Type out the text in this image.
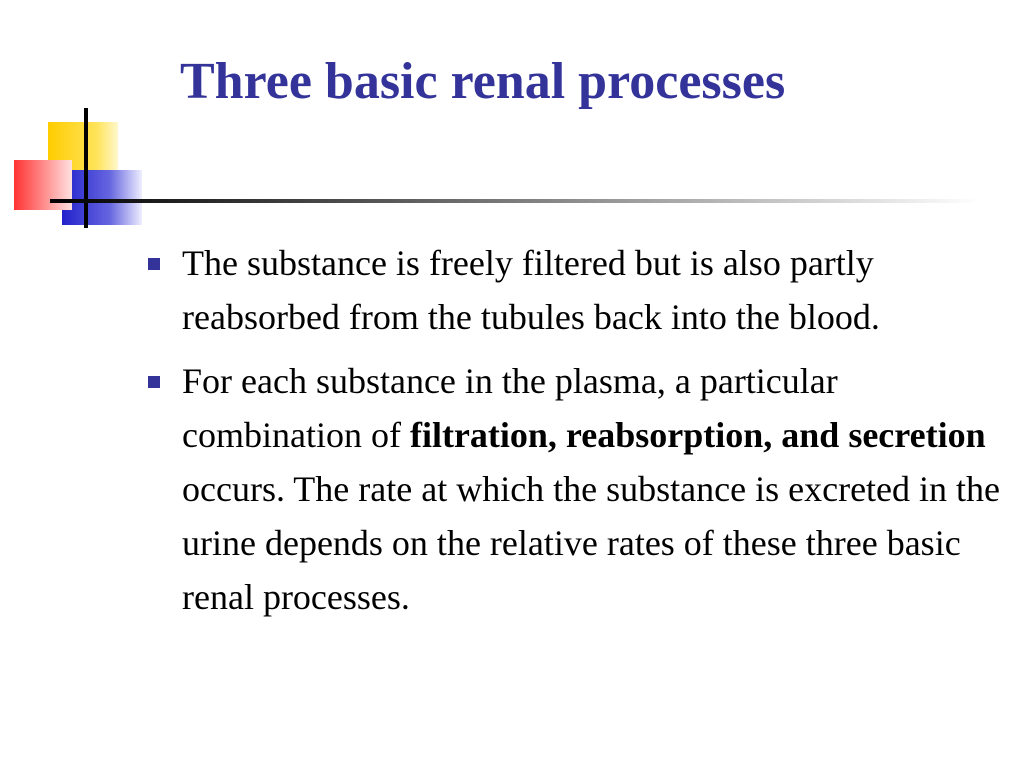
Three basic renal processes
The substance is freely filtered but is also partly reabsorbed from the tubules back into the blood.
For each substance in the plasma, a particular combination of filtration, reabsorption, and secretion occurs. The rate at which the substance is excreted in the urine depends on the relative rates of these three basic renal processes.
